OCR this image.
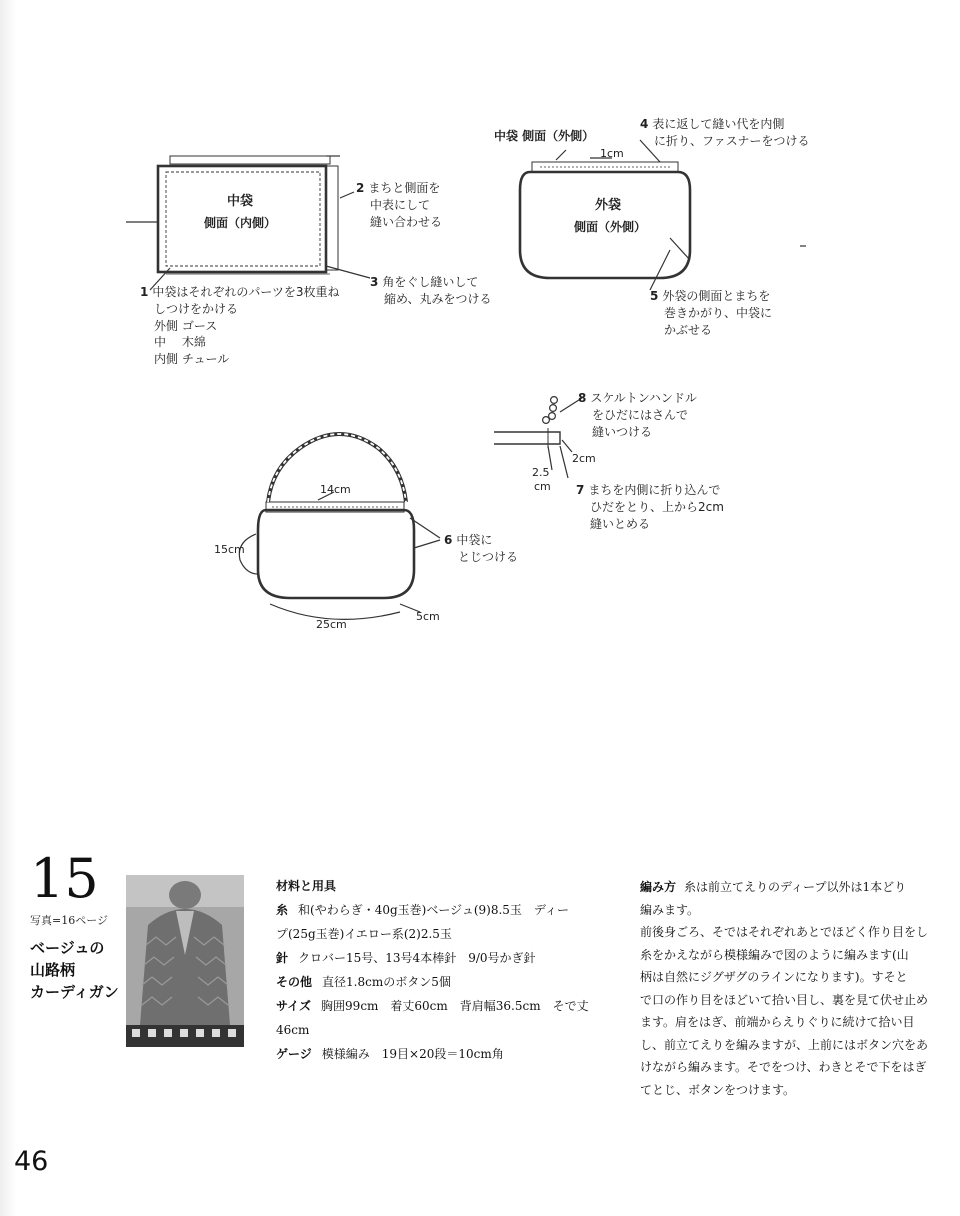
中袋
側面（内側）
中袋 側面（外側）
外袋
側面（外側）
1cm
14cm
15cm
25cm
5cm
2cm
2.5
cm
1 中袋はそれぞれのパーツを3枚重ね
しつけをかける
外側 ゴース
中　 木綿
内側 チュール
2 まちと側面を
中表にして
縫い合わせる
3 角をぐし縫いして
縮め、丸みをつける
4 表に返して縫い代を内側
に折り、ファスナーをつける
5 外袋の側面とまちを
巻きかがり、中袋に
かぶせる
6 中袋に
とじつける
7 まちを内側に折り込んで
ひだをとり、上から2cm
縫いとめる
8 スケルトンハンドル
をひだにはさんで
縫いつける
15
写真=16ページ
ベージュの
山路柄
カーディガン
材料と用具
糸 和(やわらぎ・40g玉巻)ベージュ(9)8.5玉　ディー
プ(25g玉巻)イエロー系(2)2.5玉
針 クロバー15号、13号4本棒針　9/0号かぎ針
その他 直径1.8cmのボタン5個
サイズ 胸囲99cm　着丈60cm　背肩幅36.5cm　そで丈
46cm
ゲージ 模様編み　19目×20段＝10cm角
編み方 糸は前立てえりのディープ以外は1本どり
編みます。
前後身ごろ、そではそれぞれあとでほどく作り目をし
糸をかえながら模様編みで図のように編みます(山
柄は自然にジグザグのラインになります)。すそと
で口の作り目をほどいて拾い目し、裏を見て伏せ止め
ます。肩をはぎ、前端からえりぐりに続けて拾い目
し、前立てえりを編みますが、上前にはボタン穴をあ
けながら編みます。そでをつけ、わきとそで下をはぎ
てとじ、ボタンをつけます。
46
